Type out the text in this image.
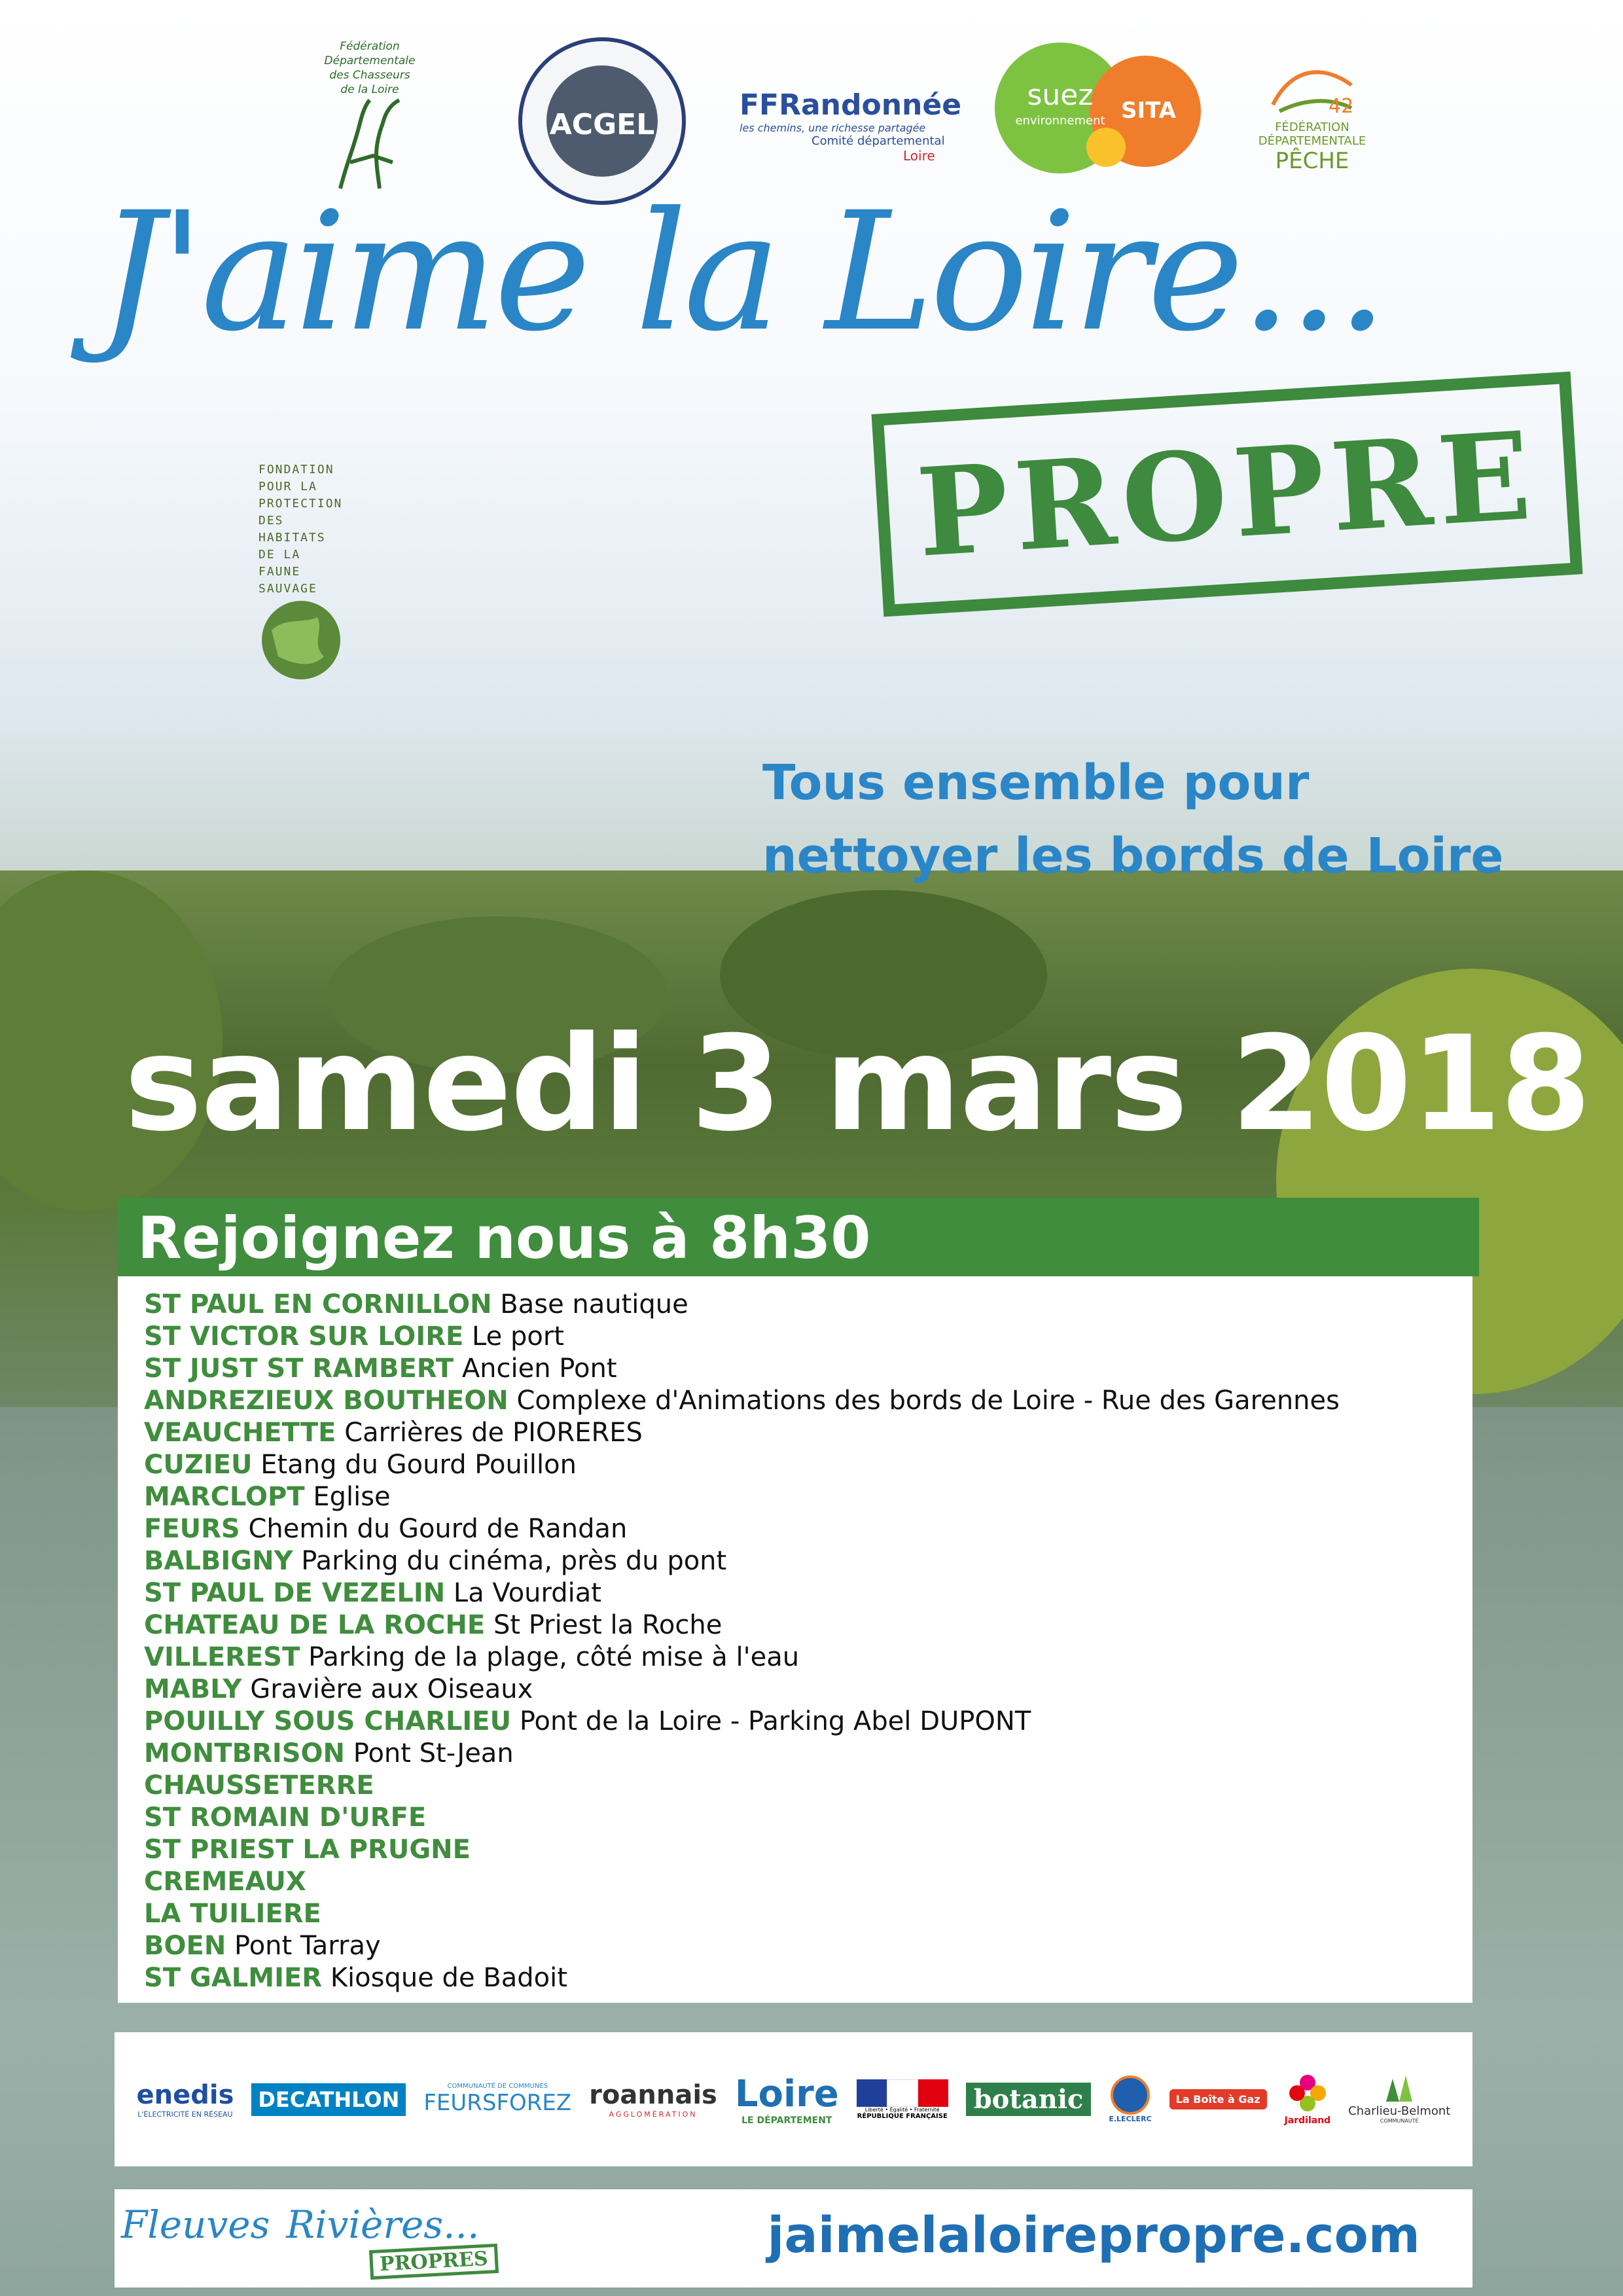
Fédération
Départementale
des Chasseurs
de la Loire
ACGEL
FFRandonnée
les chemins, une richesse partagée
Comité départemental
Loire
suez
environnement SITA	42
FÉDÉRATION
DÉPARTEMENTALE
PÊCHE
FONDATION
POUR LA
PROTECTION
DES HABITATS
DE LA FAUNE
SAUVAGE
J'aime la Loire...
PROPRE
Tous ensemble pour
nettoyer les bords de Loire
samedi 3 mars 2018
Rejoignez nous à 8h30
ST PAUL EN CORNILLON Base nautique
ST VICTOR SUR LOIRE Le port
ST JUST ST RAMBERT Ancien Pont
ANDREZIEUX BOUTHEON Complexe d'Animations des bords de Loire - Rue des Garennes
VEAUCHETTE Carrières de PIORERES
CUZIEU Etang du Gourd Pouillon
MARCLOPT Eglise
FEURS Chemin du Gourd de Randan
BALBIGNY Parking du cinéma, près du pont
ST PAUL DE VEZELIN La Vourdiat
CHATEAU DE LA ROCHE St Priest la Roche
VILLEREST Parking de la plage, côté mise à l'eau
MABLY Gravière aux Oiseaux
POUILLY SOUS CHARLIEU Pont de la Loire - Parking Abel DUPONT
MONTBRISON Pont St-Jean
CHAUSSETERRE
ST ROMAIN D'URFE
ST PRIEST LA PRUGNE
CREMEAUX
LA TUILIERE
BOEN Pont Tarray
ST GALMIER Kiosque de Badoit
enedis
L'ÉLECTRICITÉ EN RÉSEAU
DECATHLON
COMMUNAUTÉ DE COMMUNES
FEURSFOREZ roannais
AGGLOMÉRATION	Loire
LE DÉPARTEMENT
Liberté • Égalité • Fraternité
RÉPUBLIQUE FRANÇAISE
botanic
E.LECLERC
La Boîte à Gaz
Jardiland
Charlieu-Belmont
COMMUNAUTÉ
Fleuves Rivières...
PROPRES	jaimelaloirepropre.com
